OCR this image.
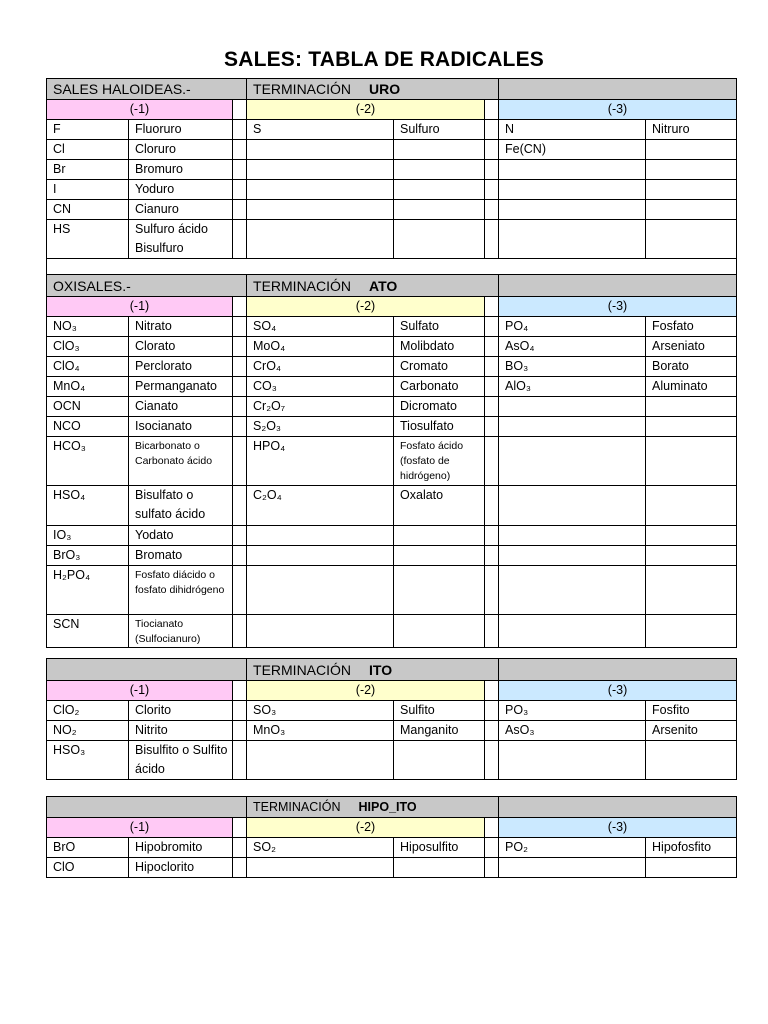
SALES: TABLA DE RADICALES
SALES HALOIDEAS.-			TERMINACIÓN URO				
(-1)			(-2)			(-3)	
F	Fluoruro		S	Sulfuro		N	Nitruro
Cl	Cloruro					Fe(CN)	
Br	Bromuro						
I	Yoduro						
CN	Cianuro						
HS	Sulfuro ácido Bisulfuro						

OXISALES.-			TERMINACIÓN ATO				
(-1)			(-2)			(-3)	
NO₃	Nitrato		SO₄	Sulfato		PO₄	Fosfato
ClO₃	Clorato		MoO₄	Molibdato		AsO₄	Arseniato
ClO₄	Perclorato		CrO₄	Cromato		BO₃	Borato
MnO₄	Permanganato		CO₃	Carbonato		AlO₃	Aluminato
OCN	Cianato		Cr₂O₇	Dicromato			
NCO	Isocianato		S₂O₃	Tiosulfato			
HCO₃	Bicarbonato o Carbonato ácido		HPO₄	Fosfato ácido (fosfato de hidrógeno)			
HSO₄	Bisulfato o sulfato ácido		C₂O₄	Oxalato			
IO₃	Yodato						
BrO₃	Bromato						
H₂PO₄	Fosfato diácido o fosfato dihidrógeno						
SCN	Tiocianato (Sulfocianuro)						
			TERMINACIÓN ITO				
(-1)			(-2)			(-3)	
ClO₂	Clorito		SO₃	Sulfito		PO₃	Fosfito
NO₂	Nitrito		MnO₃	Manganito		AsO₃	Arsenito
HSO₃	Bisulfito o Sulfito ácido						
			TERMINACIÓN HIPO_ITO				
(-1)			(-2)			(-3)	
BrO	Hipobromito		SO₂	Hiposulfito		PO₂	Hipofosfito
ClO	Hipoclorito						
